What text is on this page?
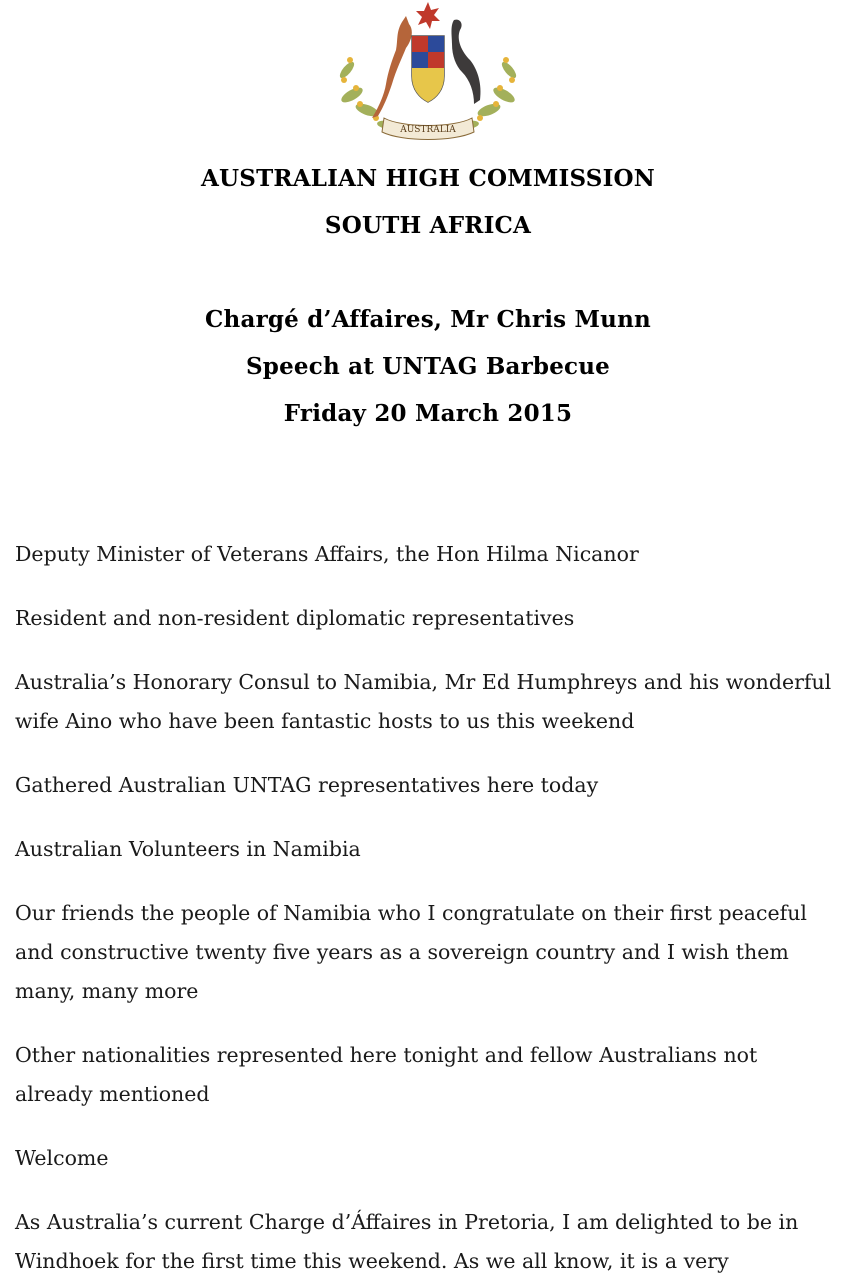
AUSTRALIA
AUSTRALIAN HIGH COMMISSION
SOUTH AFRICA
Chargé d’Affaires, Mr Chris Munn
Speech at UNTAG Barbecue
Friday 20 March 2015
Deputy Minister of Veterans Affairs, the Hon Hilma Nicanor
Resident and non-resident diplomatic representatives
Australia’s Honorary Consul to Namibia, Mr Ed Humphreys and his wonderful wife Aino who have been fantastic hosts to us this weekend
Gathered Australian UNTAG representatives here today
Australian Volunteers in Namibia
Our friends the people of Namibia who I congratulate on their first peaceful and constructive twenty five years as a sovereign country and I wish them many, many more
Other nationalities represented here tonight and fellow Australians not already mentioned
Welcome
As Australia’s current Charge d’Áffaires in Pretoria, I am delighted to be in Windhoek for the first time this weekend. As we all know, it is a very
